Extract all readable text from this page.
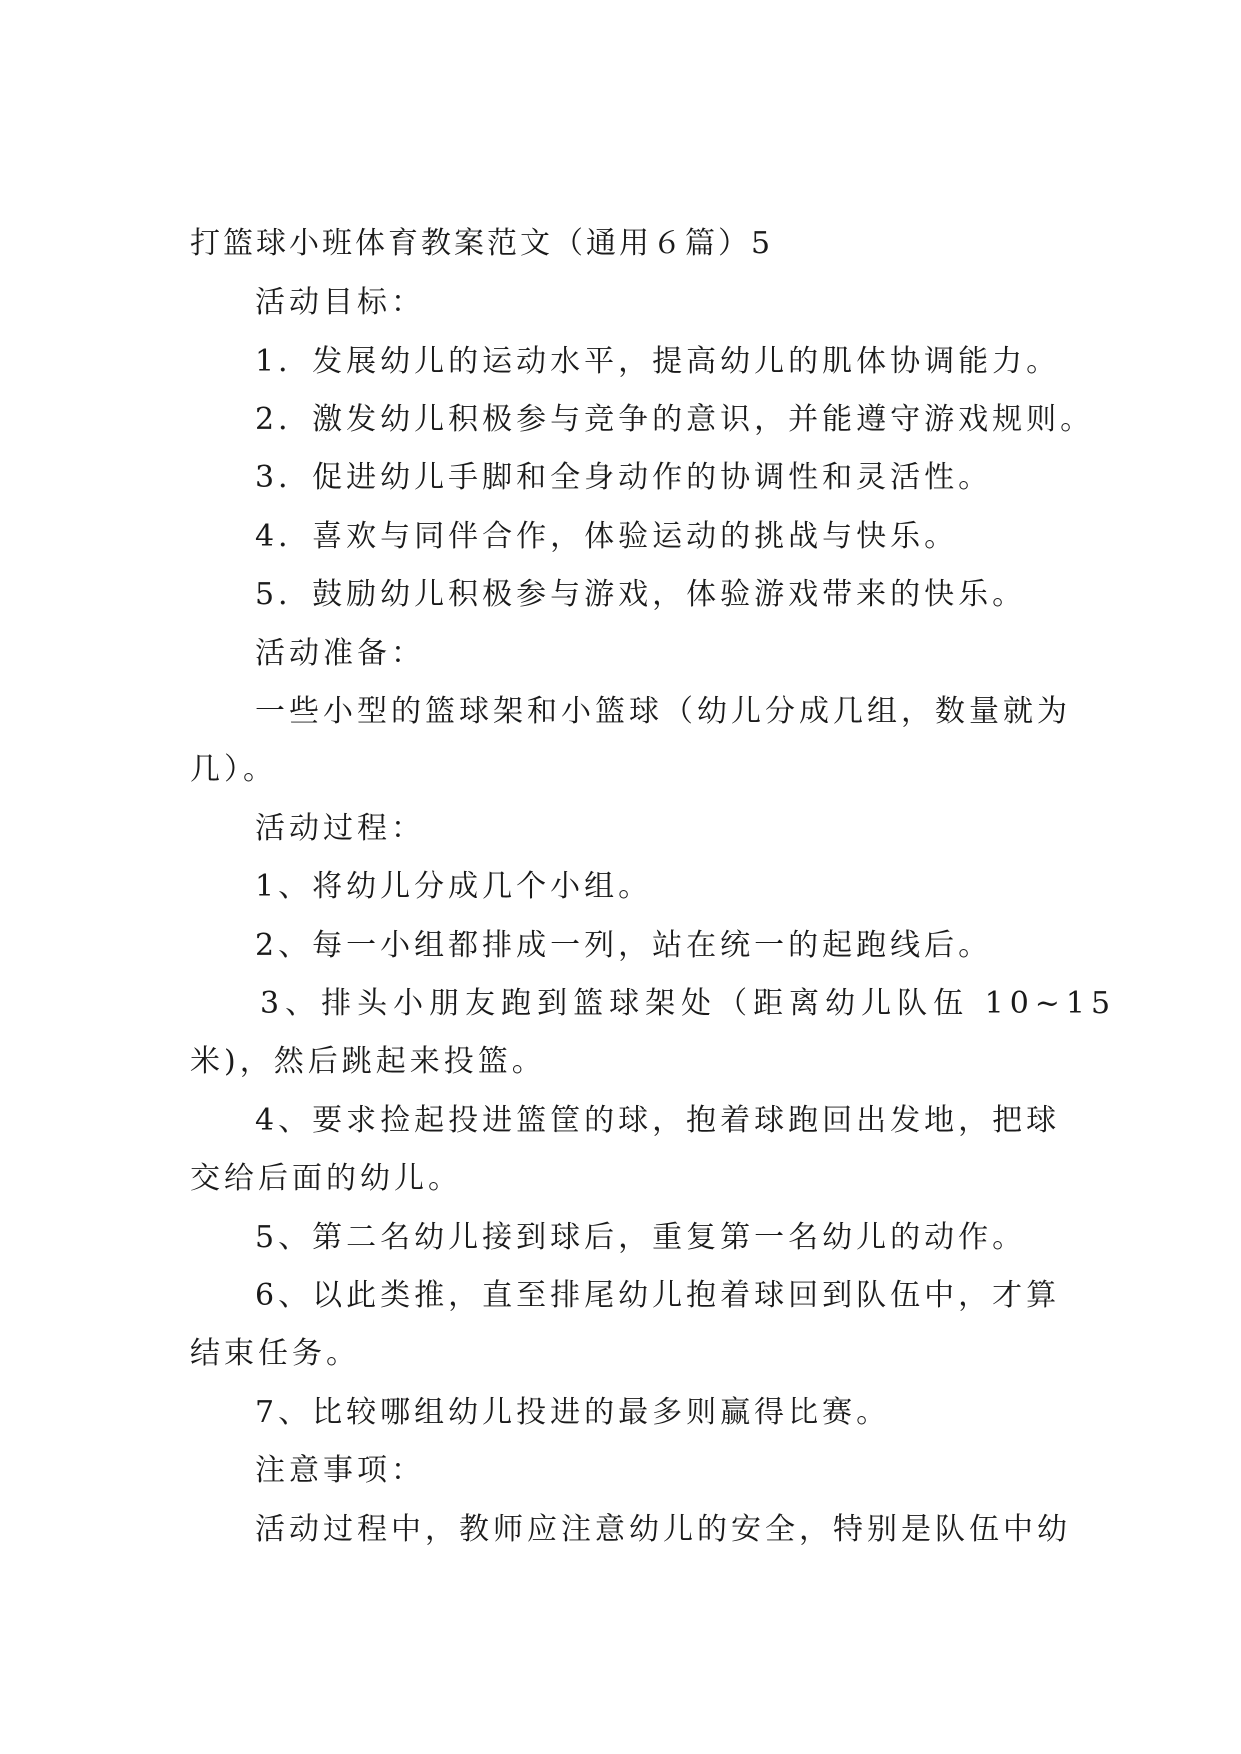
打篮球小班体育教案范文（通用６篇）5
活动目标：
1．发展幼儿的运动水平，提高幼儿的肌体协调能力。
2．激发幼儿积极参与竞争的意识，并能遵守游戏规则。
3．促进幼儿手脚和全身动作的协调性和灵活性。
4．喜欢与同伴合作，体验运动的挑战与快乐。
5．鼓励幼儿积极参与游戏，体验游戏带来的快乐。
活动准备：
一些小型的篮球架和小篮球（幼儿分成几组，数量就为
几）。
活动过程：
1、将幼儿分成几个小组。
2、每一小组都排成一列，站在统一的起跑线后。
3、排头小朋友跑到篮球架处（距离幼儿队伍 10~15
米)，然后跳起来投篮。
4、要求捡起投进篮筐的球，抱着球跑回出发地，把球
交给后面的幼儿。
5、第二名幼儿接到球后，重复第一名幼儿的动作。
6、以此类推，直至排尾幼儿抱着球回到队伍中，才算
结束任务。
7、比较哪组幼儿投进的最多则赢得比赛。
注意事项：
活动过程中，教师应注意幼儿的安全，特别是队伍中幼
